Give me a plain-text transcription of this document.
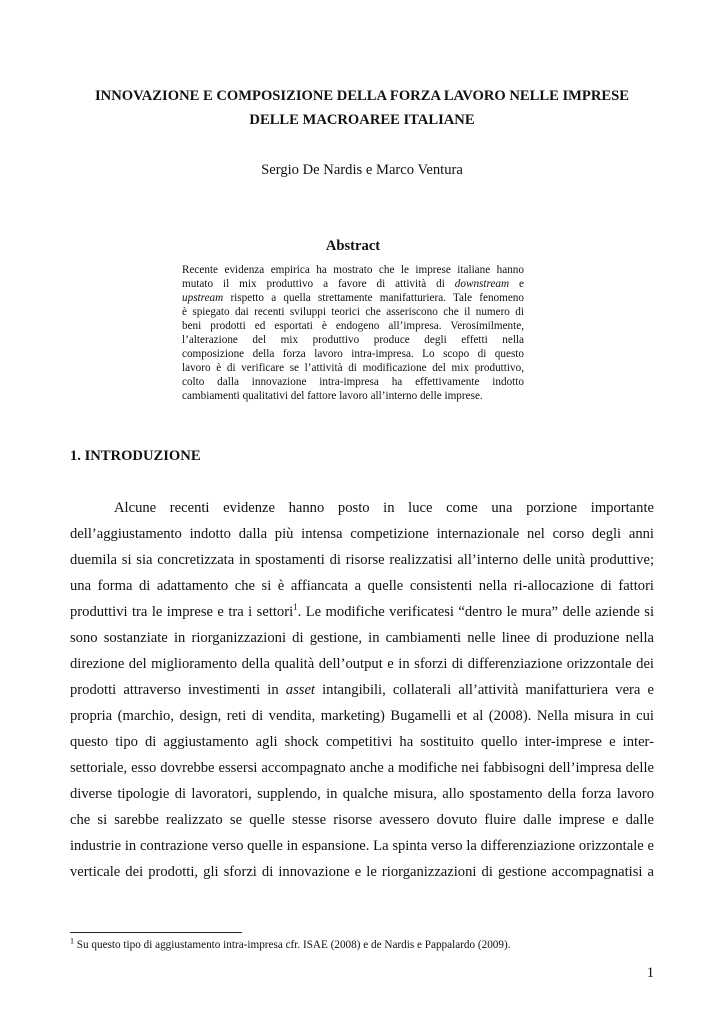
INNOVAZIONE E COMPOSIZIONE DELLA FORZA LAVORO NELLE IMPRESE
DELLE MACROAREE ITALIANE
Sergio De Nardis e Marco Ventura
Abstract
Recente evidenza empirica ha mostrato che le imprese italiane hanno
mutato il mix produttivo a favore di attività di downstream e
upstream rispetto a quella strettamente manifatturiera. Tale fenomeno
è spiegato dai recenti sviluppi teorici che asseriscono che il numero di
beni prodotti ed esportati è endogeno all’impresa. Verosimilmente,
l’alterazione del mix produttivo produce degli effetti nella
composizione della forza lavoro intra-impresa. Lo scopo di questo
lavoro è di verificare se l’attività di modificazione del mix produttivo,
colto dalla innovazione intra-impresa ha effettivamente indotto
cambiamenti qualitativi del fattore lavoro all’interno delle imprese.
1. INTRODUZIONE
Alcune recenti evidenze hanno posto in luce come una porzione importante
dell’aggiustamento indotto dalla più intensa competizione internazionale nel corso degli anni
duemila si sia concretizzata in spostamenti di risorse realizzatisi all’interno delle unità produttive;
una forma di adattamento che si è affiancata a quelle consistenti nella ri-allocazione di fattori
produttivi tra le imprese e tra i settori$^1$. Le modifiche verificatesi “dentro le mura” delle aziende si
sono sostanziate in riorganizzazioni di gestione, in cambiamenti nelle linee di produzione nella
direzione del miglioramento della qualità dell’output e in sforzi di differenziazione orizzontale dei
prodotti attraverso investimenti in asset intangibili, collaterali all’attività manifatturiera vera e
propria (marchio, design, reti di vendita, marketing) Bugamelli et al (2008). Nella misura in cui
questo tipo di aggiustamento agli shock competitivi ha sostituito quello inter-imprese e inter-
settoriale, esso dovrebbe essersi accompagnato anche a modifiche nei fabbisogni dell’impresa delle
diverse tipologie di lavoratori, supplendo, in qualche misura, allo spostamento della forza lavoro
che si sarebbe realizzato se quelle stesse risorse avessero dovuto fluire dalle imprese e dalle
industrie in contrazione verso quelle in espansione. La spinta verso la differenziazione orizzontale e
verticale dei prodotti, gli sforzi di innovazione e le riorganizzazioni di gestione accompagnatisi a
$^1$ Su questo tipo di aggiustamento intra-impresa cfr. ISAE (2008) e de Nardis e Pappalardo (2009).
1
